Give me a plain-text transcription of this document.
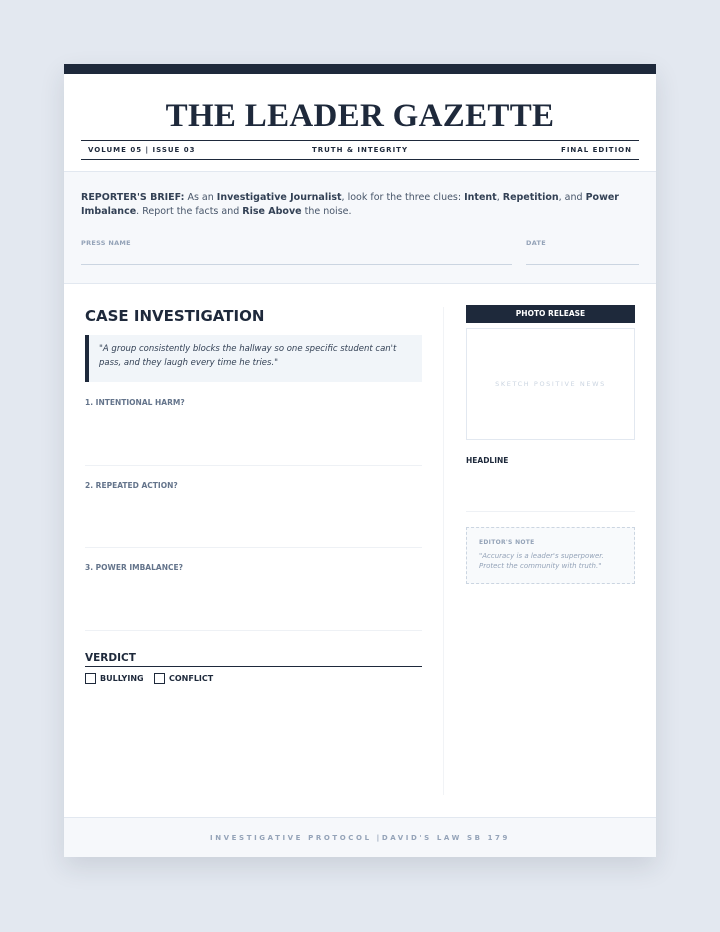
THE LEADER GAZETTE
VOLUME 05 | ISSUE 03	TRUTH & INTEGRITY	FINAL EDITION

REPORTER'S BRIEF: As an Investigative Journalist, look for the three clues: Intent, Repetition, and Power Imbalance. Report the facts and Rise Above the noise.

PRESS NAME	DATE
CASE INVESTIGATION
"A group consistently blocks the hallway so one specific student can't pass, and they laugh every time he tries."
1. INTENTIONAL HARM?
2. REPEATED ACTION?
3. POWER IMBALANCE?
VERDICT
BULLYING	CONFLICT
PHOTO RELEASE
SKETCH POSITIVE NEWS
HEADLINE
EDITOR'S NOTE
"Accuracy is a leader's superpower. Protect the community with truth."
INVESTIGATIVE PROTOCOL |DAVID'S LAW SB 179
